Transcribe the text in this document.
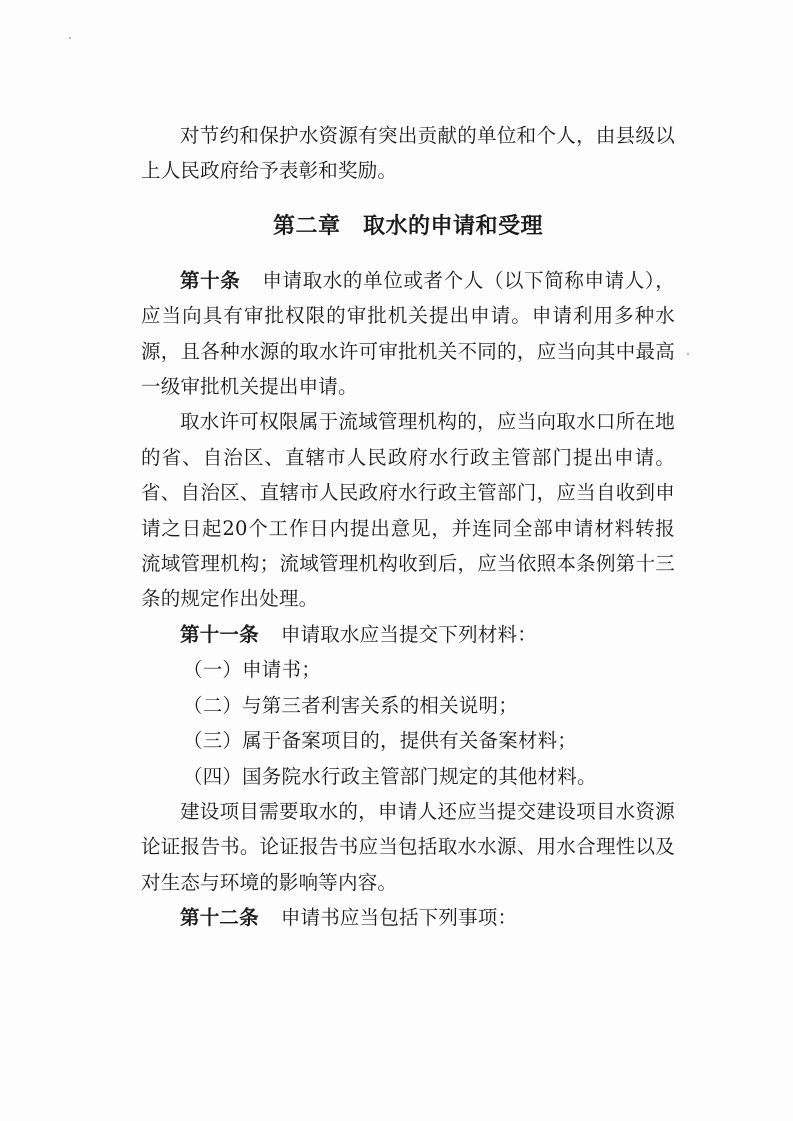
对节约和保护水资源有突出贡献的单位和个人，由县级以上人民政府给予表彰和奖励。

第二章　取水的申请和受理

第十条 申请取水的单位或者个人（以下简称申请人），应当向具有审批权限的审批机关提出申请。申请利用多种水源，且各种水源的取水许可审批机关不同的，应当向其中最高一级审批机关提出申请。

取水许可权限属于流域管理机构的，应当向取水口所在地的省、自治区、直辖市人民政府水行政主管部门提出申请。省、自治区、直辖市人民政府水行政主管部门，应当自收到申请之日起20个工作日内提出意见，并连同全部申请材料转报流域管理机构；流域管理机构收到后，应当依照本条例第十三条的规定作出处理。

第十一条 申请取水应当提交下列材料：

（一）申请书；

（二）与第三者利害关系的相关说明；

（三）属于备案项目的，提供有关备案材料；

（四）国务院水行政主管部门规定的其他材料。

建设项目需要取水的，申请人还应当提交建设项目水资源论证报告书。论证报告书应当包括取水水源、用水合理性以及对生态与环境的影响等内容。

第十二条 申请书应当包括下列事项：
